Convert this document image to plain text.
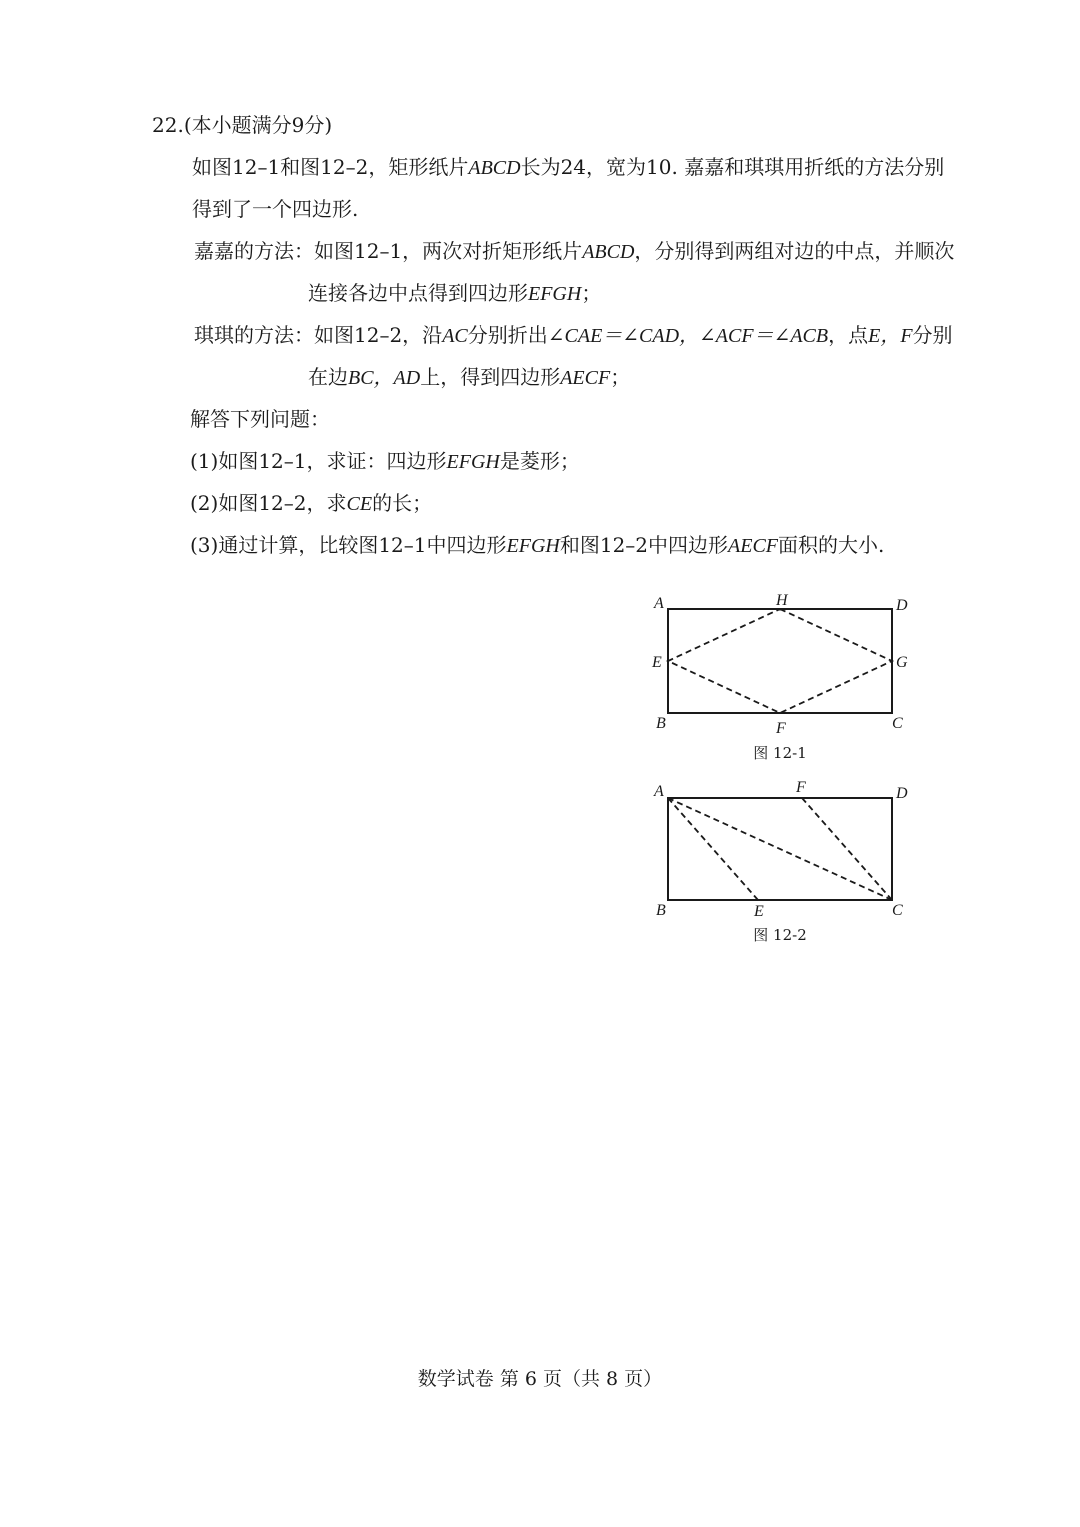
22.(本小题满分9分)
如图12–1和图12–2，矩形纸片ABCD长为24，宽为10. 嘉嘉和琪琪用折纸的方法分别
得到了一个四边形.
嘉嘉的方法：如图12–1，两次对折矩形纸片ABCD，分别得到两组对边的中点，并顺次
连接各边中点得到四边形EFGH；
琪琪的方法：如图12–2，沿AC分别折出∠CAE＝∠CAD，∠ACF＝∠ACB，点E，F分别
在边BC，AD上，得到四边形AECF；
解答下列问题：
(1)如图12–1，求证：四边形EFGH是菱形；
(2)如图12–2，求CE的长；
(3)通过计算，比较图12–1中四边形EFGH和图12–2中四边形AECF面积的大小.
A	H	D
E	G
B	F	C
图 12-1
A	F	D
B	E	C
图 12-2
数学试卷 第 6 页（共 8 页）
